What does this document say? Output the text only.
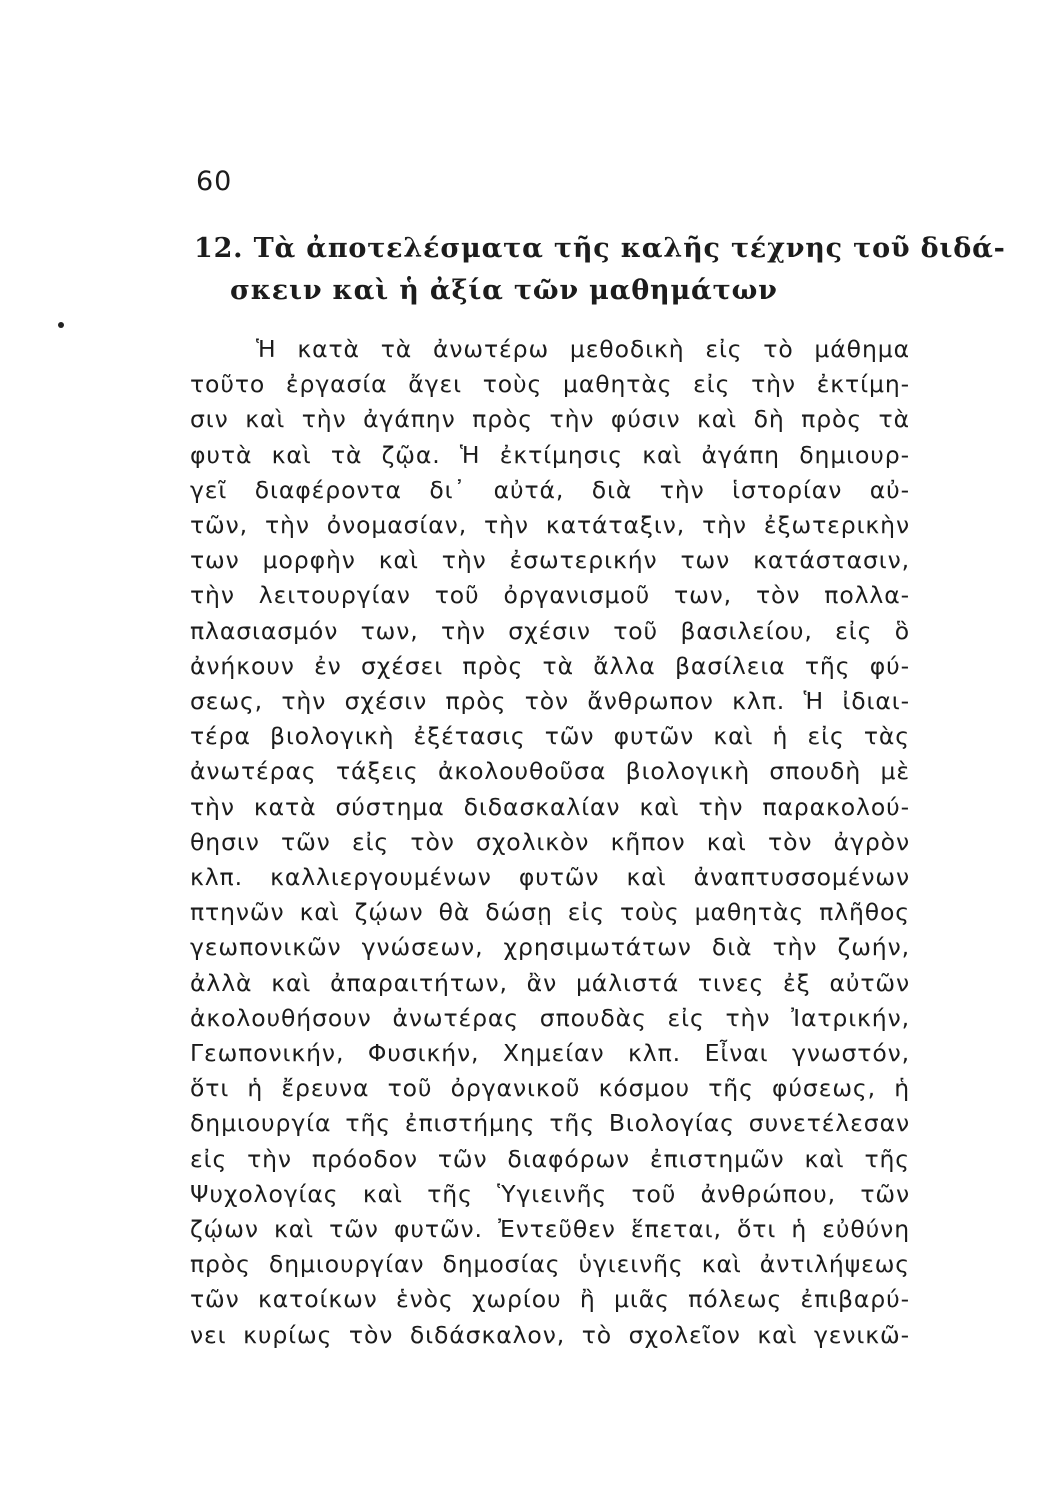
60
12. Τὰ ἀποτελέσματα τῆς καλῆς τέχνης τοῦ διδά-
σκειν καὶ ἡ ἀξία τῶν μαθημάτων
Ἡ κατὰ τὰ ἀνωτέρω μεθοδικὴ εἰς τὸ μάθημα
τοῦτο ἐργασία ἄγει τοὺς μαθητὰς εἰς τὴν ἐκτίμη-
σιν καὶ τὴν ἀγάπην πρὸς τὴν φύσιν καὶ δὴ πρὸς τὰ
φυτὰ καὶ τὰ ζῷα. Ἡ ἐκτίμησις καὶ ἀγάπη δημιουρ-
γεῖ διαφέροντα δι᾽ αὐτά, διὰ τὴν ἱστορίαν αὐ-
τῶν, τὴν ὀνομασίαν, τὴν κατάταξιν, τὴν ἐξωτερικὴν
των μορφὴν καὶ τὴν ἐσωτερικήν των κατάστασιν,
τὴν λειτουργίαν τοῦ ὀργανισμοῦ των, τὸν πολλα-
πλασιασμόν των, τὴν σχέσιν τοῦ βασιλείου, εἰς ὃ
ἀνήκουν ἐν σχέσει πρὸς τὰ ἄλλα βασίλεια τῆς φύ-
σεως, τὴν σχέσιν πρὸς τὸν ἄνθρωπον κλπ. Ἡ ἰδιαι-
τέρα βιολογικὴ ἐξέτασις τῶν φυτῶν καὶ ἡ εἰς τὰς
ἀνωτέρας τάξεις ἀκολουθοῦσα βιολογικὴ σπουδὴ μὲ
τὴν κατὰ σύστημα διδασκαλίαν καὶ τὴν παρακολού-
θησιν τῶν εἰς τὸν σχολικὸν κῆπον καὶ τὸν ἀγρὸν
κλπ. καλλιεργουμένων φυτῶν καὶ ἀναπτυσσομένων
πτηνῶν καὶ ζῴων θὰ δώσῃ εἰς τοὺς μαθητὰς πλῆθος
γεωπονικῶν γνώσεων, χρησιμωτάτων διὰ τὴν ζωήν,
ἀλλὰ καὶ ἀπαραιτήτων, ἂν μάλιστά τινες ἐξ αὐτῶν
ἀκολουθήσουν ἀνωτέρας σπουδὰς εἰς τὴν Ἰατρικήν,
Γεωπονικήν, Φυσικήν, Χημείαν κλπ. Εἶναι γνωστόν,
ὅτι ἡ ἔρευνα τοῦ ὀργανικοῦ κόσμου τῆς φύσεως, ἡ
δημιουργία τῆς ἐπιστήμης τῆς Βιολογίας συνετέλεσαν
εἰς τὴν πρόοδον τῶν διαφόρων ἐπιστημῶν καὶ τῆς
Ψυχολογίας καὶ τῆς Ὑγιεινῆς τοῦ ἀνθρώπου, τῶν
ζῴων καὶ τῶν φυτῶν. Ἐντεῦθεν ἕπεται, ὅτι ἡ εὐθύνη
πρὸς δημιουργίαν δημοσίας ὑγιεινῆς καὶ ἀντιλήψεως
τῶν κατοίκων ἑνὸς χωρίου ἢ μιᾶς πόλεως ἐπιβαρύ-
νει κυρίως τὸν διδάσκαλον, τὸ σχολεῖον καὶ γενικῶ-
